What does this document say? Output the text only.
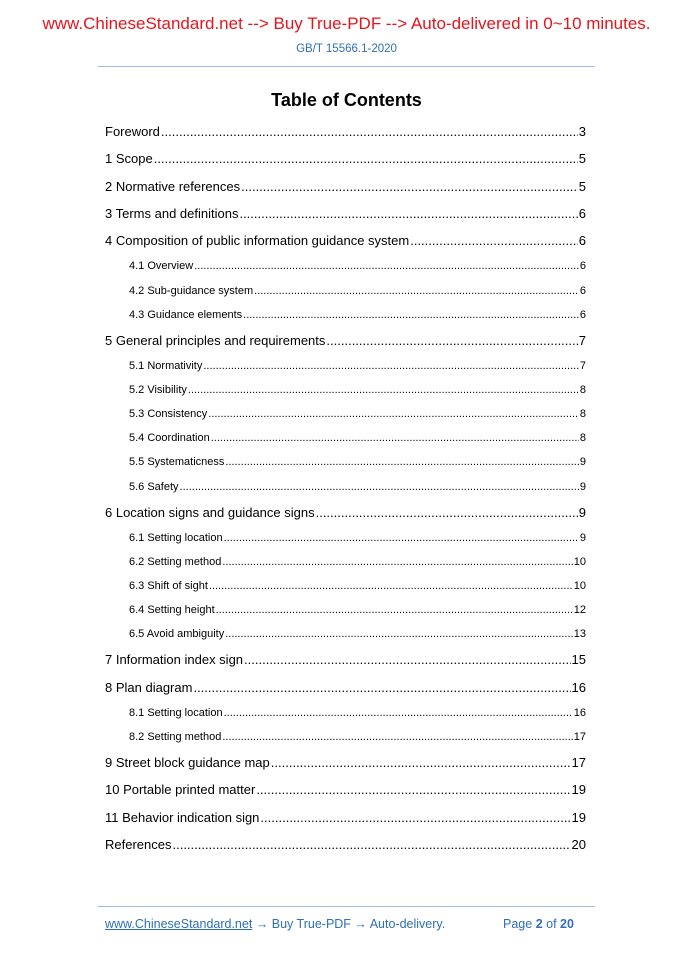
www.ChineseStandard.net --> Buy True-PDF --> Auto-delivered in 0~10 minutes.
GB/T 15566.1-2020
Table of Contents
Foreword .....	3
1 Scope .....	5
2 Normative references .....	5
3 Terms and definitions .....	6
4 Composition of public information guidance system .....	6
4.1 Overview .....	6
4.2 Sub-guidance system .....	6
4.3 Guidance elements .....	6
5 General principles and requirements .....	7
5.1 Normativity .....	7
5.2 Visibility .....	8
5.3 Consistency .....	8
5.4 Coordination .....	8
5.5 Systematicness .....	9
5.6 Safety .....	9
6 Location signs and guidance signs .....	9
6.1 Setting location .....	9
6.2 Setting method .....	10
6.3 Shift of sight .....	10
6.4 Setting height .....	12
6.5 Avoid ambiguity .....	13
7 Information index sign .....	15
8 Plan diagram .....	16
8.1 Setting location .....	16
8.2 Setting method .....	17
9 Street block guidance map .....	17
10 Portable printed matter .....	19
11 Behavior indication sign .....	19
References .....	20
www.ChineseStandard.net → Buy True-PDF → Auto-delivery.	Page 2 of 20
